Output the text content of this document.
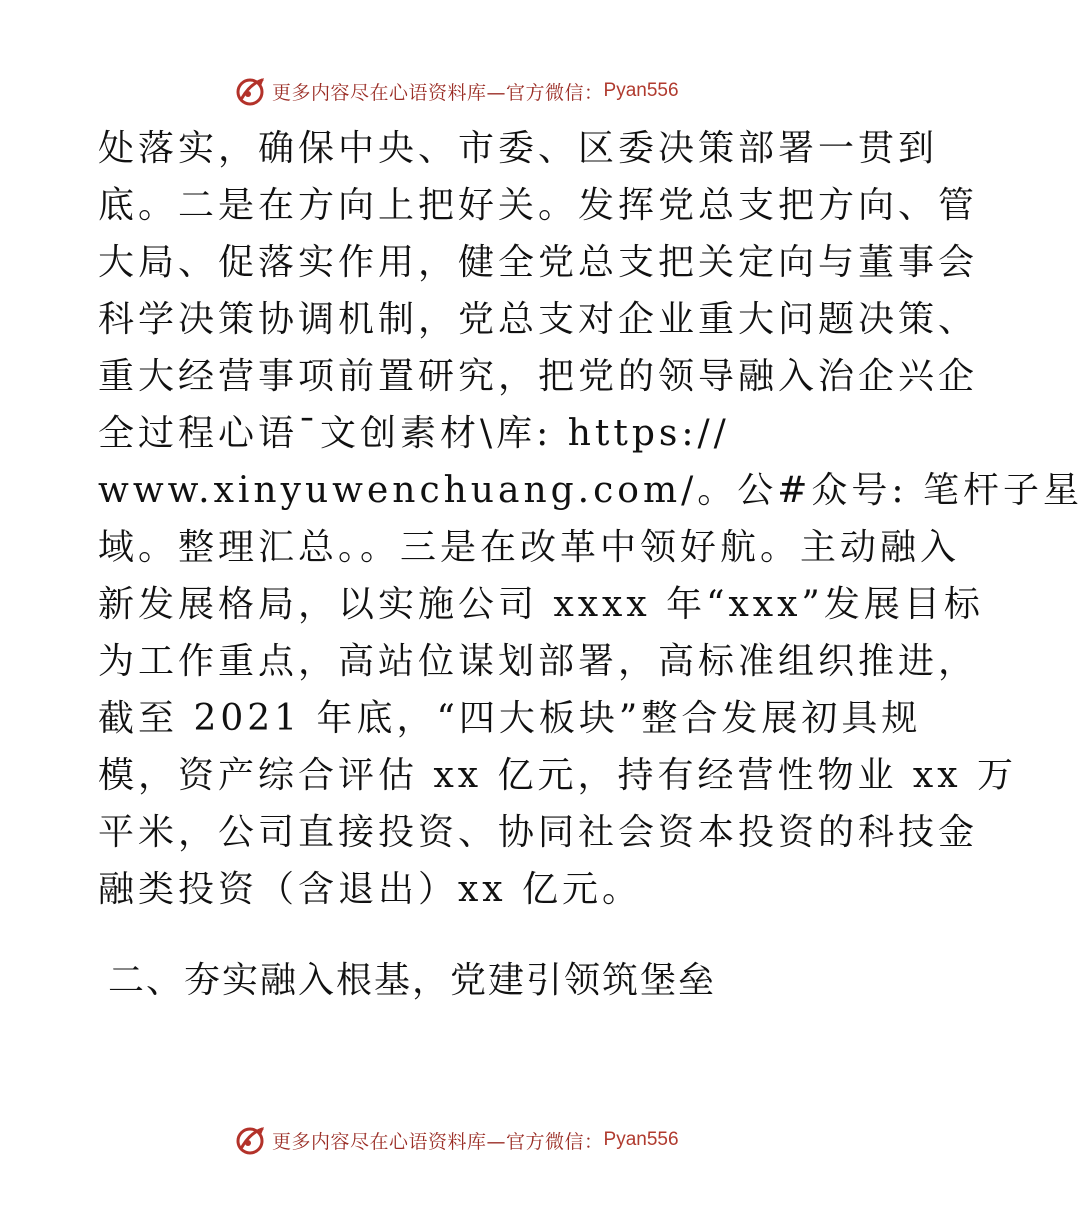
更多内容尽在心语资料库—官方微信： Pyan556
处落实，确保中央、市委、区委决策部署一贯到
底。二是在方向上把好关。发挥党总支把方向、管
大局、促落实作用，健全党总支把关定向与董事会
科学决策协调机制，党总支对企业重大问题决策、
重大经营事项前置研究，把党的领导融入治企兴企
全过程心语¯文创素材\库: https://
www.xinyuwenchuang.com/。公#众号: 笔杆子星
域。整理汇总。。三是在改革中领好航。主动融入
新发展格局，以实施公司 xxxx 年“xxx”发展目标
为工作重点，高站位谋划部署，高标准组织推进，
截至 2021 年底，“四大板块”整合发展初具规
模，资产综合评估 xx 亿元，持有经营性物业 xx 万
平米，公司直接投资、协同社会资本投资的科技金
融类投资（含退出）xx 亿元。
二、夯实融入根基，党建引领筑堡垒
更多内容尽在心语资料库—官方微信： Pyan556
